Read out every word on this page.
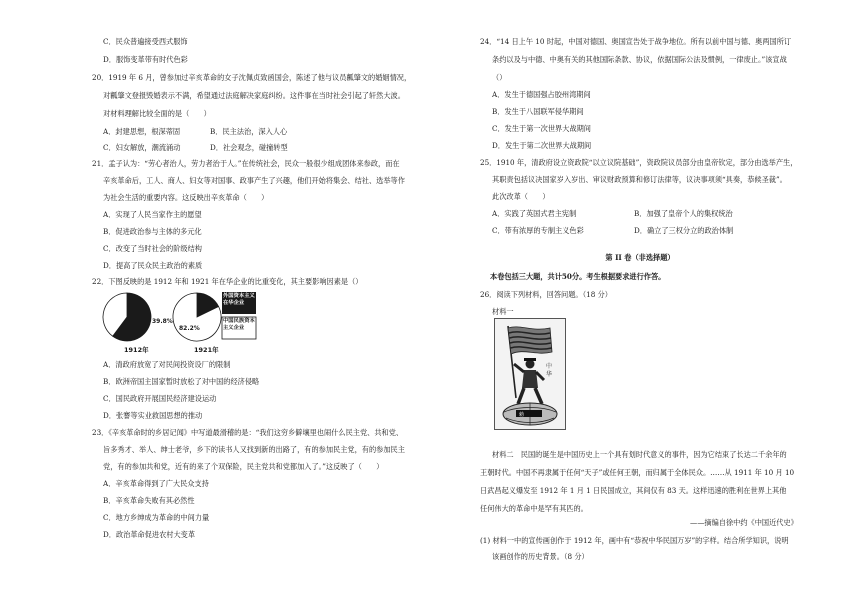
C．民众普遍接受西式服饰
D．服饰变革带有时代色彩
20．1919 年 6 月，曾参加过辛亥革命的女子沈佩贞致函国会，陈述了他与议员瓤肇文的婚姻情况，
对瓤肇文登报毁婚表示不满，希望通过法庭解决家庭纠纷。这件事在当时社会引起了轩然大波。
对材料理解比较全面的是（　　）
A．封建思想，根深蒂固	B．民主法治，深入人心
C．妇女解放，潮流涌动	D．社会观念，碰撞转型
21．孟子认为：“劳心者治人，劳力者治于人。”在传统社会，民众一般很少组成团体来参政，而在
辛亥革命后，工人、商人、妇女等对国事、政事产生了兴趣，他们开始将集会、结社、选举等作
为社会生活的重要内容。这反映出辛亥革命（　　）
A．实现了人民当家作主的愿望
B．促进政治参与主体的多元化
C．改变了当时社会的阶级结构
D．提高了民众民主政治的素质
22．下图反映的是 1912 年和 1921 年在华企业的比重变化，其主要影响因素是（）
39.8%
82.2%
1912年	1921年
外国资本主义在华企业
中国民族资本主义企业
A．清政府放宽了对民间投资设厂的限制
B．欧洲帝国主国家暂时放松了对中国的经济侵略
C．国民政府开展国民经济建设运动
D．张謇等实业救国思想的推动
23．《辛亥革命时的乡居记闻》中写道最滑稽的是：“我们这穷乡僻壤里也闹什么民主党、共和党、
旨多秀才、举人、绅士老爷，乡下的读书人又找到新的出路了，有的参加民主党，有的参加民主
党，有的参加共和党，近有的来了个双保险，民主党共和党都加入了。”这反映了（　　）
A．辛亥革命得到了广大民众支持
B．辛亥革命失败有其必然性
C．地方乡绅成为革命的中间力量
D．政治革命促进农村大变革
24．“14 日上午 10 时起，中国对德国、奥国宣告处于战争地位。所有以前中国与德、奥两国所订
条约以及与中德、中奥有关的其他国际条款、协议，依据国际公法及惯例，一律废止。”该宣战
（）
A．发生于德国强占胶州湾期间
B．发生于八国联军侵华期间
C．发生于第一次世界大战期间
D．发生于第二次世界大战期间
25．1910 年，清政府设立资政院“以立议院基础”，资政院议员部分由皇帝钦定，部分由选举产生，
其职责包括议决国家岁入岁出、审议财政预算和修订法律等，议决事项须“具奏，恭候圣裁”。
此次改革（　　）
A．实践了英国式君主宪制	B．加强了皇帝个人的集权统治
C．带有浓厚的专制主义色彩	D．确立了三权分立的政治体制
第 II 卷（非选择题）
本卷包括三大题，共计50分。考生根据要求进行作答。
26．阅读下列材料，回答问题。（18 分）
材料一
中
华
勅
材料二　民国的诞生是中国历史上一个具有划时代意义的事件，因为它结束了长达二千余年的
王朝时代。中国不再隶属于任何“天子”或任何王朝，而归属于全体民众。……从 1911 年 10 月 10
日武昌起义爆发至 1912 年 1 月 1 日民国成立，其间仅有 83 天。这样迅速的胜利在世界上其他
任何伟大的革命中是罕有其匹的。
——摘编自徐中约《中国近代史》
(1) 材料一中的宣传画创作于 1912 年，画中有“恭祝中华民国万岁”的字样。结合所学知识，说明
该画创作的历史背景。（8 分）
